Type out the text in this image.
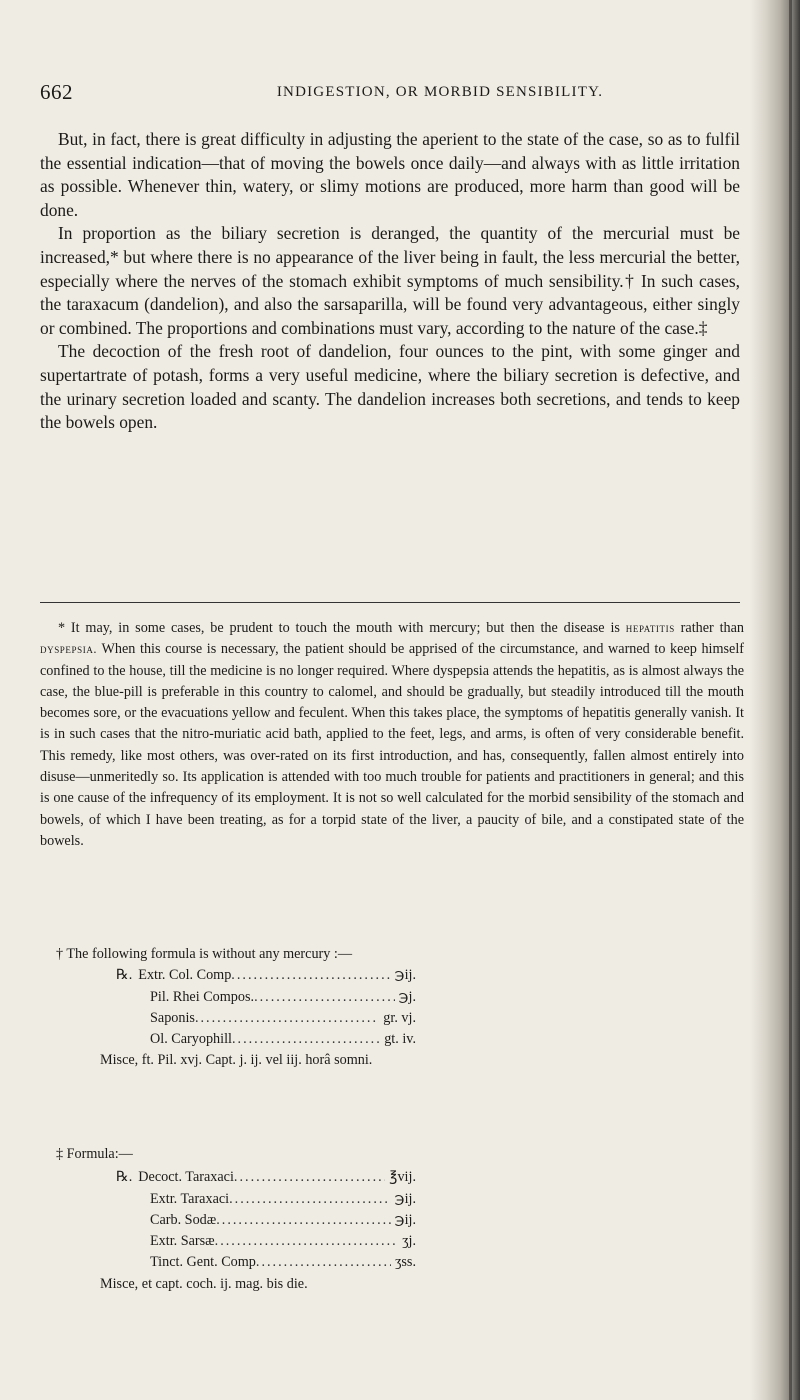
662	INDIGESTION, OR MORBID SENSIBILITY.

But, in fact, there is great difficulty in adjusting the aperient to the state of the case, so as to fulfil the essential indication—that of moving the bowels once daily—and always with as little irritation as possible. Whenever thin, watery, or slimy motions are produced, more harm than good will be done.

In proportion as the biliary secretion is deranged, the quantity of the mercurial must be increased,* but where there is no appearance of the liver being in fault, the less mercurial the better, especially where the nerves of the stomach exhibit symptoms of much sensibility.† In such cases, the taraxacum (dandelion), and also the sarsaparilla, will be found very advantageous, either singly or combined. The proportions and combinations must vary, according to the nature of the case.‡

The decoction of the fresh root of dandelion, four ounces to the pint, with some ginger and supertartrate of potash, forms a very useful medicine, where the biliary secretion is defective, and the urinary secretion loaded and scanty. The dandelion increases both secretions, and tends to keep the bowels open.

* It may, in some cases, be prudent to touch the mouth with mercury; but then the disease is hepatitis rather than dyspepsia. When this course is necessary, the patient should be apprised of the circumstance, and warned to keep himself confined to the house, till the medicine is no longer required. Where dyspepsia attends the hepatitis, as is almost always the case, the blue-pill is preferable in this country to calomel, and should be gradually, but steadily introduced till the mouth becomes sore, or the evacuations yellow and feculent. When this takes place, the symptoms of hepatitis generally vanish. It is in such cases that the nitro-muriatic acid bath, applied to the feet, legs, and arms, is often of very considerable benefit. This remedy, like most others, was over-rated on its first introduction, and has, consequently, fallen almost entirely into disuse—unmeritedly so. Its application is attended with too much trouble for patients and practitioners in general; and this is one cause of the infrequency of its employment. It is not so well calculated for the morbid sensibility of the stomach and bowels, of which I have been treating, as for a torpid state of the liver, a paucity of bile, and a constipated state of the bowels.

† The following formula is without any mercury :—

℞. Extr. Col. Comp .....	℈ij.
Pil. Rhei Compos. .....	℈j.
Saponis .....	gr. vj.
Ol. Caryophill .....	gt. iv.

Misce, ft. Pil. xvj. Capt. j. ij. vel iij. horâ somni.

‡ Formula:—

℞. Decoct. Taraxaci .....	℥vij.
Extr. Taraxaci .....	℈ij.
Carb. Sodæ .....	℈ij.
Extr. Sarsæ .....	ʒj.
Tinct. Gent. Comp .....	ʒss.

Misce, et capt. coch. ij. mag. bis die.
